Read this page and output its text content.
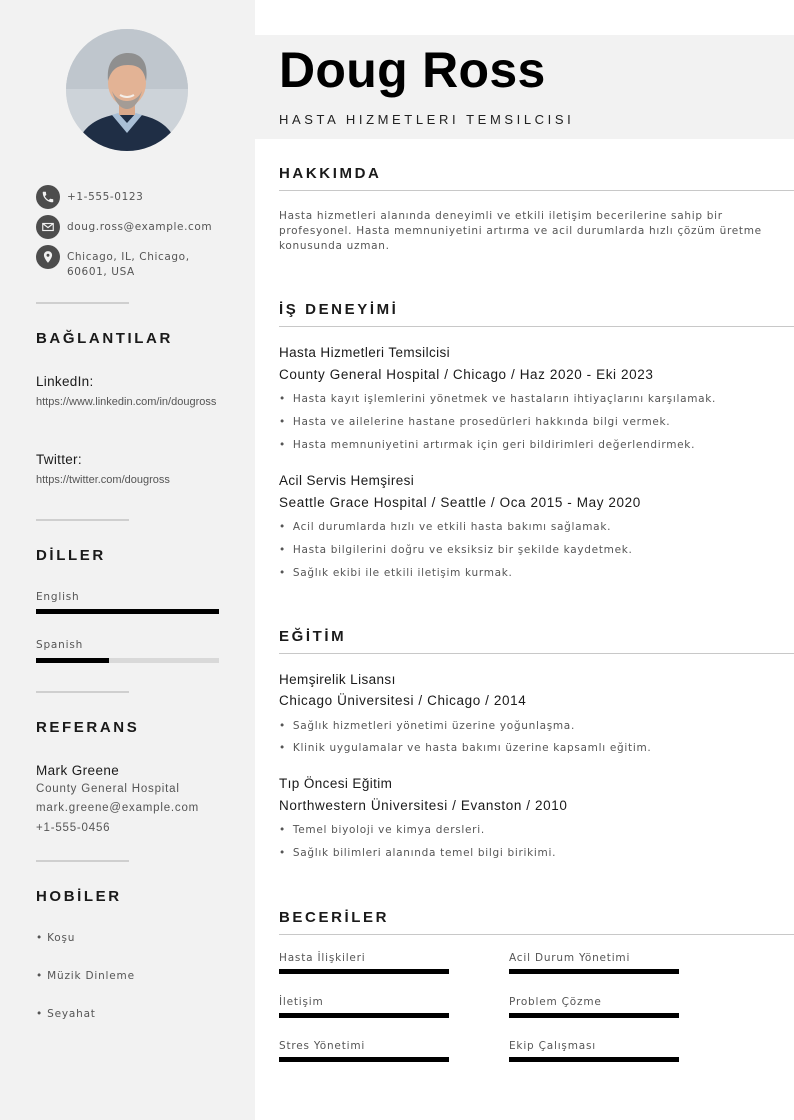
+1-555-0123
doug.ross@example.com
Chicago, IL, Chicago, 60601, USA
BAĞLANTILAR
LinkedIn:
https://www.linkedin.com/in/dougross
Twitter:
https://twitter.com/dougross
DİLLER
English
Spanish
REFERANS
Mark Greene
County General Hospital
mark.greene@example.com
+1-555-0456
HOBİLER
• Koşu
• Müzik Dinleme
• Seyahat
Doug Ross
HASTA HIZMETLERI TEMSILCISI
HAKKIMDA
Hasta hizmetleri alanında deneyimli ve etkili iletişim becerilerine sahip bir profesyonel. Hasta memnuniyetini artırma ve acil durumlarda hızlı çözüm üretme konusunda uzman.
İŞ DENEYİMİ
Hasta Hizmetleri Temsilcisi
County General Hospital / Chicago / Haz 2020 - Eki 2023
• Hasta kayıt işlemlerini yönetmek ve hastaların ihtiyaçlarını karşılamak.
• Hasta ve ailelerine hastane prosedürleri hakkında bilgi vermek.
• Hasta memnuniyetini artırmak için geri bildirimleri değerlendirmek.
Acil Servis Hemşiresi
Seattle Grace Hospital / Seattle / Oca 2015 - May 2020
• Acil durumlarda hızlı ve etkili hasta bakımı sağlamak.
• Hasta bilgilerini doğru ve eksiksiz bir şekilde kaydetmek.
• Sağlık ekibi ile etkili iletişim kurmak.
EĞİTİM
Hemşirelik Lisansı
Chicago Üniversitesi / Chicago / 2014
• Sağlık hizmetleri yönetimi üzerine yoğunlaşma.
• Klinik uygulamalar ve hasta bakımı üzerine kapsamlı eğitim.
Tıp Öncesi Eğitim
Northwestern Üniversitesi / Evanston / 2010
• Temel biyoloji ve kimya dersleri.
• Sağlık bilimleri alanında temel bilgi birikimi.
BECERİLER
Hasta İlişkileri	Acil Durum Yönetimi
İletişim	Problem Çözme
Stres Yönetimi	Ekip Çalışması
